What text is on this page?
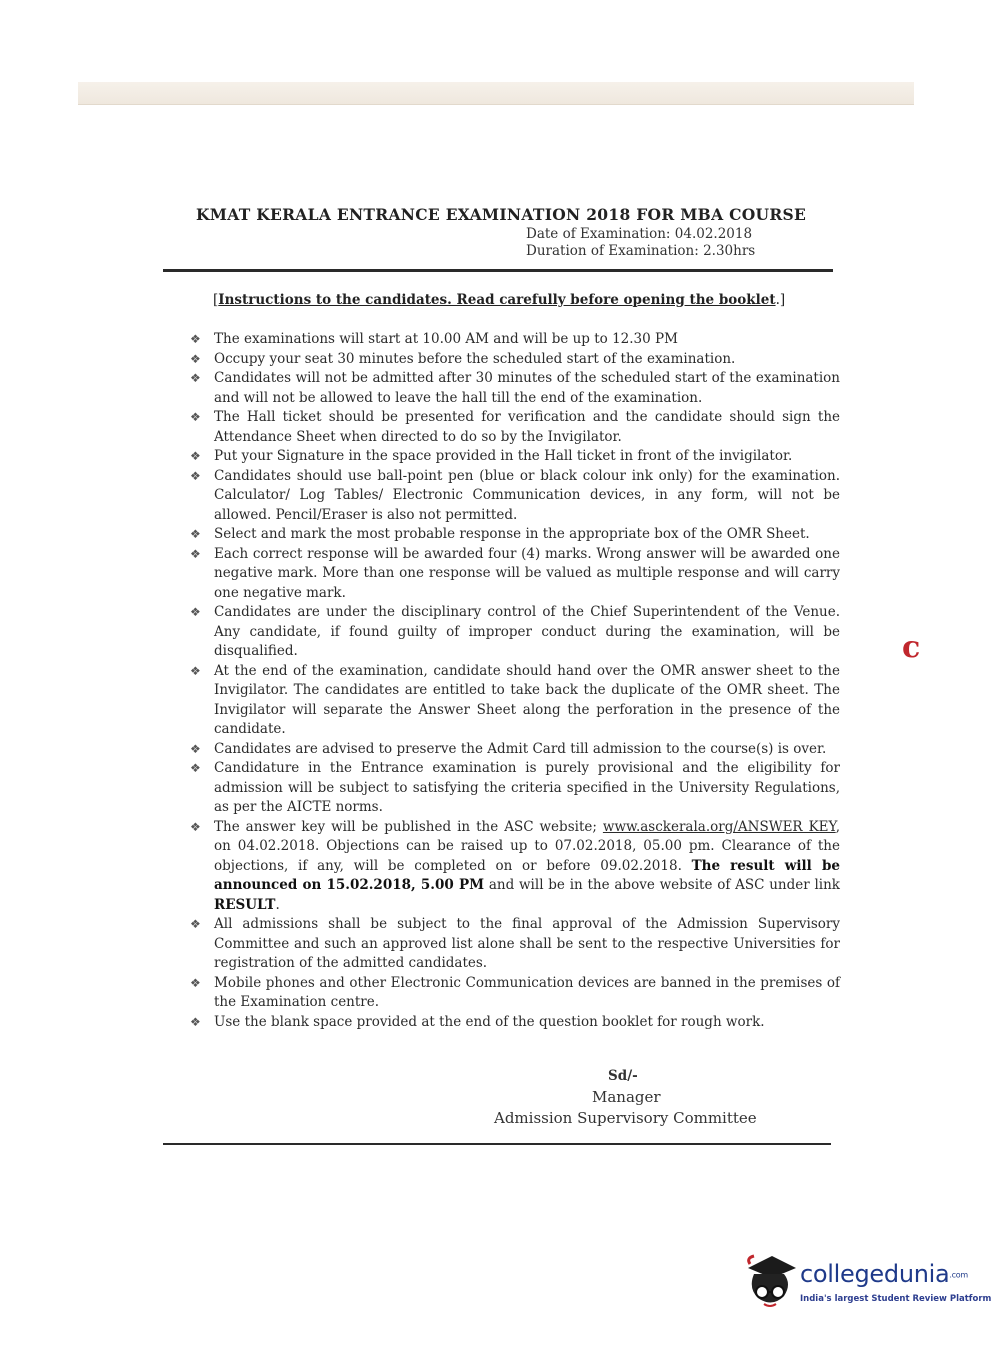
KMAT KERALA ENTRANCE EXAMINATION 2018 FOR MBA COURSE
Date of Examination: 04.02.2018
Duration of Examination: 2.30hrs
[Instructions to the candidates. Read carefully before opening the booklet.]
❖ The examinations will start at 10.00 AM and will be up to 12.30 PM
❖ Occupy your seat 30 minutes before the scheduled start of the examination.
❖ Candidates will not be admitted after 30 minutes of the scheduled start of the examination and will not be allowed to leave the hall till the end of the examination.
❖ The Hall ticket should be presented for verification and the candidate should sign the Attendance Sheet when directed to do so by the Invigilator.
❖ Put your Signature in the space provided in the Hall ticket in front of the invigilator.
❖ Candidates should use ball-point pen (blue or black colour ink only) for the examination. Calculator/ Log Tables/ Electronic Communication devices, in any form, will not be allowed. Pencil/Eraser is also not permitted.
❖ Select and mark the most probable response in the appropriate box of the OMR Sheet.
❖ Each correct response will be awarded four (4) marks. Wrong answer will be awarded one negative mark. More than one response will be valued as multiple response and will carry one negative mark.
❖ Candidates are under the disciplinary control of the Chief Superintendent of the Venue. Any candidate, if found guilty of improper conduct during the examination, will be disqualified.
❖ At the end of the examination, candidate should hand over the OMR answer sheet to the Invigilator. The candidates are entitled to take back the duplicate of the OMR sheet. The Invigilator will separate the Answer Sheet along the perforation in the presence of the candidate.
❖ Candidates are advised to preserve the Admit Card till admission to the course(s) is over.
❖ Candidature in the Entrance examination is purely provisional and the eligibility for admission will be subject to satisfying the criteria specified in the University Regulations, as per the AICTE norms.
❖ The answer key will be published in the ASC website; www.asckerala.org/ANSWER KEY, on 04.02.2018. Objections can be raised up to 07.02.2018, 05.00 pm. Clearance of the objections, if any, will be completed on or before 09.02.2018. The result will be announced on 15.02.2018, 5.00 PM and will be in the above website of ASC under link RESULT.
❖ All admissions shall be subject to the final approval of the Admission Supervisory Committee and such an approved list alone shall be sent to the respective Universities for registration of the admitted candidates.
❖ Mobile phones and other Electronic Communication devices are banned in the premises of the Examination centre.
❖ Use the blank space provided at the end of the question booklet for rough work.
Sd/-
Manager
Admission Supervisory Committee
c
collegedunia.com
India's largest Student Review Platform
